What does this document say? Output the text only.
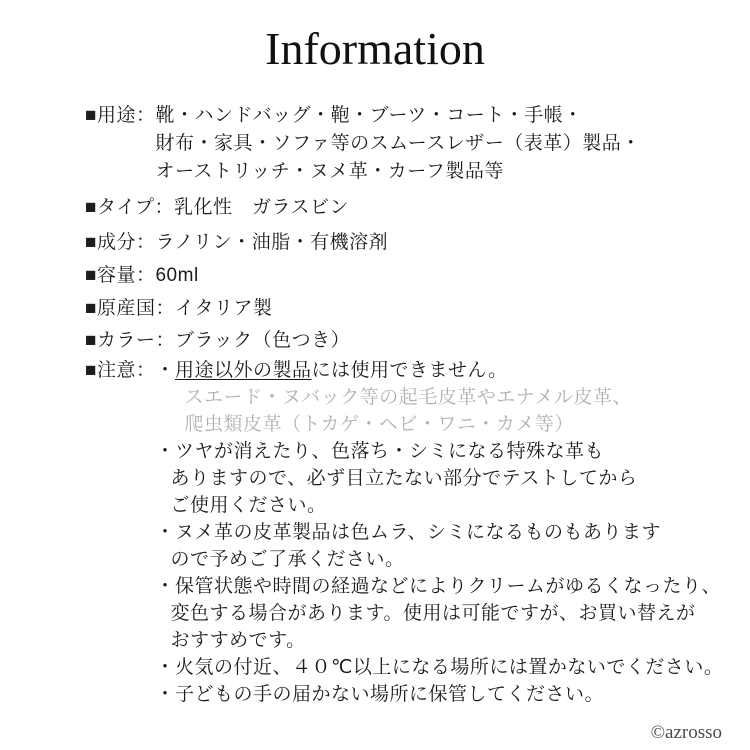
Information
■用途： 靴・ハンドバッグ・鞄・ブーツ・コート・手帳・
財布・家具・ソファ等のスムースレザー（表革）製品・
オーストリッチ・ヌメ革・カーフ製品等
■タイプ： 乳化性　ガラスビン
■成分： ラノリン・油脂・有機溶剤
■容量： 60ml
■原産国： イタリア製
■カラー： ブラック（色つき）
■注意： ・用途以外の製品には使用できません。
スエード・ヌバック等の起毛皮革やエナメル皮革、
爬虫類皮革（トカゲ・ヘビ・ワニ・カメ等）
・ツヤが消えたり、色落ち・シミになる特殊な革も
ありますので、必ず目立たない部分でテストしてから
ご使用ください。
・ヌメ革の皮革製品は色ムラ、シミになるものもあります
ので予めご了承ください。
・保管状態や時間の経過などによりクリームがゆるくなったり、
変色する場合があります。使用は可能ですが、お買い替えが
おすすめです。
・火気の付近、４０℃以上になる場所には置かないでください。
・子どもの手の届かない場所に保管してください。
©azrosso
